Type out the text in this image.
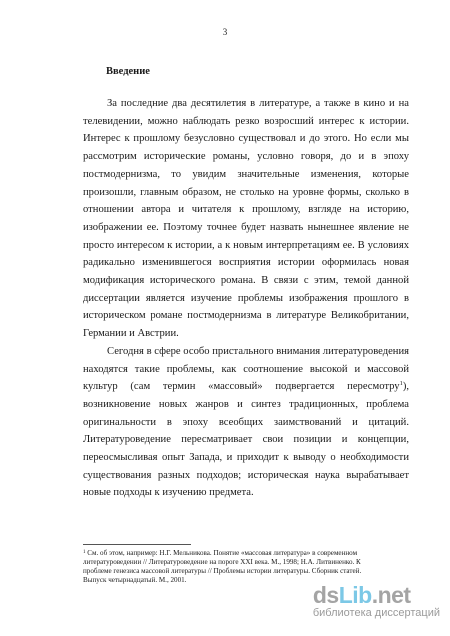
3
Введение

За последние два десятилетия в литературе, а также в кино и на телевидении, можно наблюдать резко возросший интерес к истории. Интерес к прошлому безусловно существовал и до этого. Но если мы рассмотрим исторические романы, условно говоря, до и в эпоху постмодернизма, то увидим значительные изменения, которые произошли, главным образом, не столько на уровне формы, сколько в отношении автора и читателя к прошлому, взгляде на историю, изображении ее. Поэтому точнее будет назвать нынешнее явление не просто интересом к истории, а к новым интерпретациям ее. В условиях радикально изменившегося восприятия истории оформилась новая модификация исторического романа. В связи с этим, темой данной диссертации является изучение проблемы изображения прошлого в историческом романе постмодернизма в литературе Великобритании, Германии и Австрии.

Сегодня в сфере особо пристального внимания литературоведения находятся такие проблемы, как соотношение высокой и массовой культур (сам термин «массовый» подвергается пересмотру$^1$), возникновение новых жанров и синтез традиционных, проблема оригинальности в эпоху всеобщих заимствований и цитаций. Литературоведение пересматривает свои позиции и концепции, переосмысливая опыт Запада, и приходит к выводу о необходимости существования разных подходов; историческая наука вырабатывает новые подходы к изучению предмета.

$^1$ См. об этом, например: Н.Г. Мельникова. Понятие «массовая литература» в современном литературоведении // Литературоведение на пороге XXI века. М., 1998; Н.А. Литвиненко. К проблеме генезиса массовой литературы // Проблемы истории литературы. Сборник статей. Выпуск четырнадцатый. М., 2001.
dsLib.net
библиотека диссертаций
